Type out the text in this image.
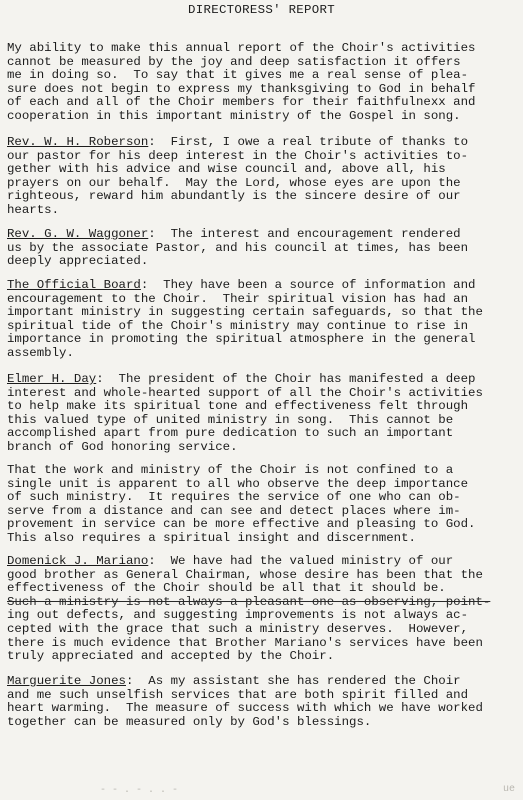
DIRECTORESS' REPORT
My ability to make this annual report of the Choir's activities
cannot be measured by the joy and deep satisfaction it offers
me in doing so.  To say that it gives me a real sense of plea-
sure does not begin to express my thanksgiving to God in behalf
of each and all of the Choir members for their faithfulnexx and
cooperation in this important ministry of the Gospel in song.
Rev. W. H. Roberson:  First, I owe a real tribute of thanks to
our pastor for his deep interest in the Choir's activities to-
gether with his advice and wise council and, above all, his
prayers on our behalf.  May the Lord, whose eyes are upon the
righteous, reward him abundantly is the sincere desire of our
hearts.
Rev. G. W. Waggoner:  The interest and encouragement rendered
us by the associate Pastor, and his council at times, has been
deeply appreciated.
The Official Board:  They have been a source of information and
encouragement to the Choir.  Their spiritual vision has had an
important ministry in suggesting certain safeguards, so that the
spiritual tide of the Choir's ministry may continue to rise in
importance in promoting the spiritual atmosphere in the general
assembly.
Elmer H. Day:  The president of the Choir has manifested a deep
interest and whole-hearted support of all the Choir's activities
to help make its spiritual tone and effectiveness felt through
this valued type of united ministry in song.  This cannot be
accomplished apart from pure dedication to such an important
branch of God honoring service.
That the work and ministry of the Choir is not confined to a
single unit is apparent to all who observe the deep importance
of such ministry.  It requires the service of one who can ob-
serve from a distance and can see and detect places where im-
provement in service can be more effective and pleasing to God.
This also requires a spiritual insight and discernment.
Domenick J. Mariano:  We have had the valued ministry of our
good brother as General Chairman, whose desire has been that the
effectiveness of the Choir should be all that it should be.
Such a ministry is not always a pleasant one as observing, point-
ing out defects, and suggesting improvements is not always ac-
cepted with the grace that such a ministry deserves.  However,
there is much evidence that Brother Mariano's services have been
truly appreciated and accepted by the Choir.
Marguerite Jones:  As my assistant she has rendered the Choir
and me such unselfish services that are both spirit filled and
heart warming.  The measure of success with which we have worked
together can be measured only by God's blessings.
- - . - . . -	ue
